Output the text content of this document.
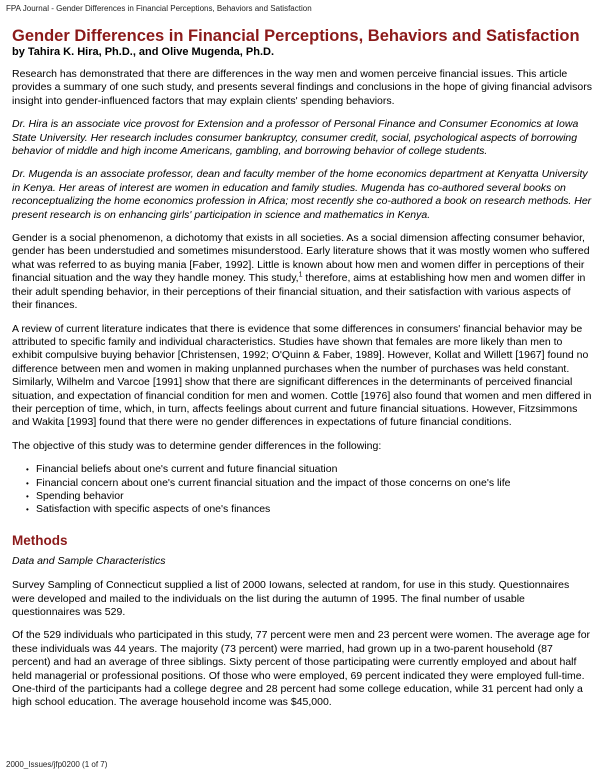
FPA Journal - Gender Differences in Financial Perceptions, Behaviors and Satisfaction
Gender Differences in Financial Perceptions, Behaviors and Satisfaction
by Tahira K. Hira, Ph.D., and Olive Mugenda, Ph.D.

Research has demonstrated that there are differences in the way men and women perceive financial issues. This article provides a summary of one such study, and presents several findings and conclusions in the hope of giving financial advisors insight into gender-influenced factors that may explain clients' spending behaviors.

Dr. Hira is an associate vice provost for Extension and a professor of Personal Finance and Consumer Economics at Iowa State University. Her research includes consumer bankruptcy, consumer credit, social, psychological aspects of borrowing behavior of middle and high income Americans, gambling, and borrowing behavior of college students.

Dr. Mugenda is an associate professor, dean and faculty member of the home economics department at Kenyatta University in Kenya. Her areas of interest are women in education and family studies. Mugenda has co-authored several books on reconceptualizing the home economics profession in Africa; most recently she co-authored a book on research methods. Her present research is on enhancing girls' participation in science and mathematics in Kenya.

Gender is a social phenomenon, a dichotomy that exists in all societies. As a social dimension affecting consumer behavior, gender has been understudied and sometimes misunderstood. Early literature shows that it was mostly women who suffered what was referred to as buying mania [Faber, 1992]. Little is known about how men and women differ in perceptions of their financial situation and the way they handle money. This study,$^1$ therefore, aims at establishing how men and women differ in their adult spending behavior, in their perceptions of their financial situation, and their satisfaction with various aspects of their finances.

A review of current literature indicates that there is evidence that some differences in consumers' financial behavior may be attributed to specific family and individual characteristics. Studies have shown that females are more likely than men to exhibit compulsive buying behavior [Christensen, 1992; O'Quinn & Faber, 1989]. However, Kollat and Willett [1967] found no difference between men and women in making unplanned purchases when the number of purchases was held constant. Similarly, Wilhelm and Varcoe [1991] show that there are significant differences in the determinants of perceived financial situation, and expectation of financial condition for men and women. Cottle [1976] also found that women and men differed in their perception of time, which, in turn, affects feelings about current and future financial situations. However, Fitzsimmons and Wakita [1993] found that there were no gender differences in expectations of future financial conditions.

The objective of this study was to determine gender differences in the following:

• Financial beliefs about one's current and future financial situation
• Financial concern about one's current financial situation and the impact of those concerns on one's life
• Spending behavior
• Satisfaction with specific aspects of one's finances
Methods

Data and Sample Characteristics

Survey Sampling of Connecticut supplied a list of 2000 Iowans, selected at random, for use in this study. Questionnaires were developed and mailed to the individuals on the list during the autumn of 1995. The final number of usable questionnaires was 529.

Of the 529 individuals who participated in this study, 77 percent were men and 23 percent were women. The average age for these individuals was 44 years. The majority (73 percent) were married, had grown up in a two-parent household (87 percent) and had an average of three siblings. Sixty percent of those participating were currently employed and about half held managerial or professional positions. Of those who were employed, 69 percent indicated they were employed full-time. One-third of the participants had a college degree and 28 percent had some college education, while 31 percent had only a high school education. The average household income was $45,000.

2000_Issues/jfp0200 (1 of 7)
